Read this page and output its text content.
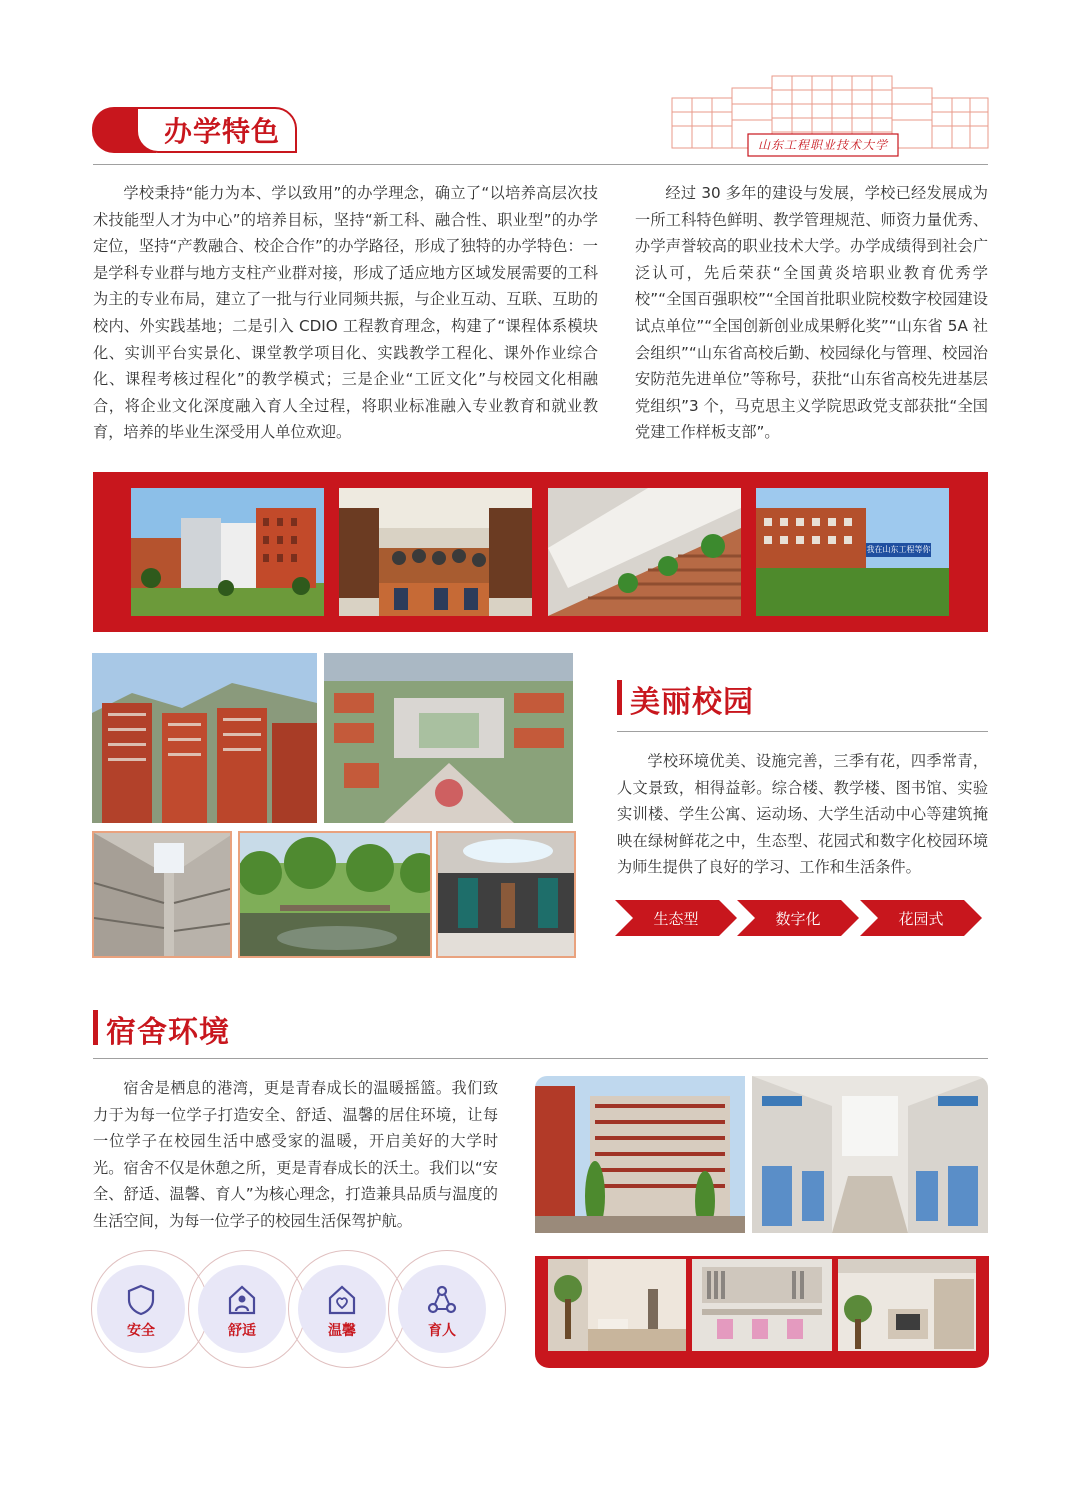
办学特色	山东工程职业技术大学

学校秉持“能力为本、学以致用”的办学理念，确立了“以培养高层次技术技能型人才为中心”的培养目标，坚持“新工科、融合性、职业型”的办学定位，坚持“产教融合、校企合作”的办学路径，形成了独特的办学特色：一是学科专业群与地方支柱产业群对接，形成了适应地方区域发展需要的工科为主的专业布局，建立了一批与行业同频共振，与企业互动、互联、互助的校内、外实践基地；二是引入 CDIO 工程教育理念，构建了“课程体系模块化、实训平台实景化、课堂教学项目化、实践教学工程化、课外作业综合化、课程考核过程化”的教学模式；三是企业“工匠文化”与校园文化相融合，将企业文化深度融入育人全过程，将职业标准融入专业教育和就业教育，培养的毕业生深受用人单位欢迎。

经过 30 多年的建设与发展，学校已经发展成为一所工科特色鲜明、教学管理规范、师资力量优秀、办学声誉较高的职业技术大学。办学成绩得到社会广泛认可，先后荣获“全国黄炎培职业教育优秀学校”“全国百强职校”“全国首批职业院校数字校园建设试点单位”“全国创新创业成果孵化奖”“山东省 5A 社会组织”“山东省高校后勤、校园绿化与管理、校园治安防范先进单位”等称号，获批“山东省高校先进基层党组织”3 个，马克思主义学院思政党支部获批“全国党建工作样板支部”。

我在山东工程等你
美丽校园

学校环境优美、设施完善，三季有花，四季常青，人文景致，相得益彰。综合楼、教学楼、图书馆、实验实训楼、学生公寓、运动场、大学生活动中心等建筑掩映在绿树鲜花之中，生态型、花园式和数字化校园环境为师生提供了良好的学习、工作和生活条件。

生态型	数字化	花园式
宿舍环境

宿舍是栖息的港湾，更是青春成长的温暖摇篮。我们致力于为每一位学子打造安全、舒适、温馨的居住环境，让每一位学子在校园生活中感受家的温暖，开启美好的大学时光。宿舍不仅是休憩之所，更是青春成长的沃土。我们以“安全、舒适、温馨、育人”为核心理念，打造兼具品质与温度的生活空间，为每一位学子的校园生活保驾护航。

安全	舒适	温馨	育人
